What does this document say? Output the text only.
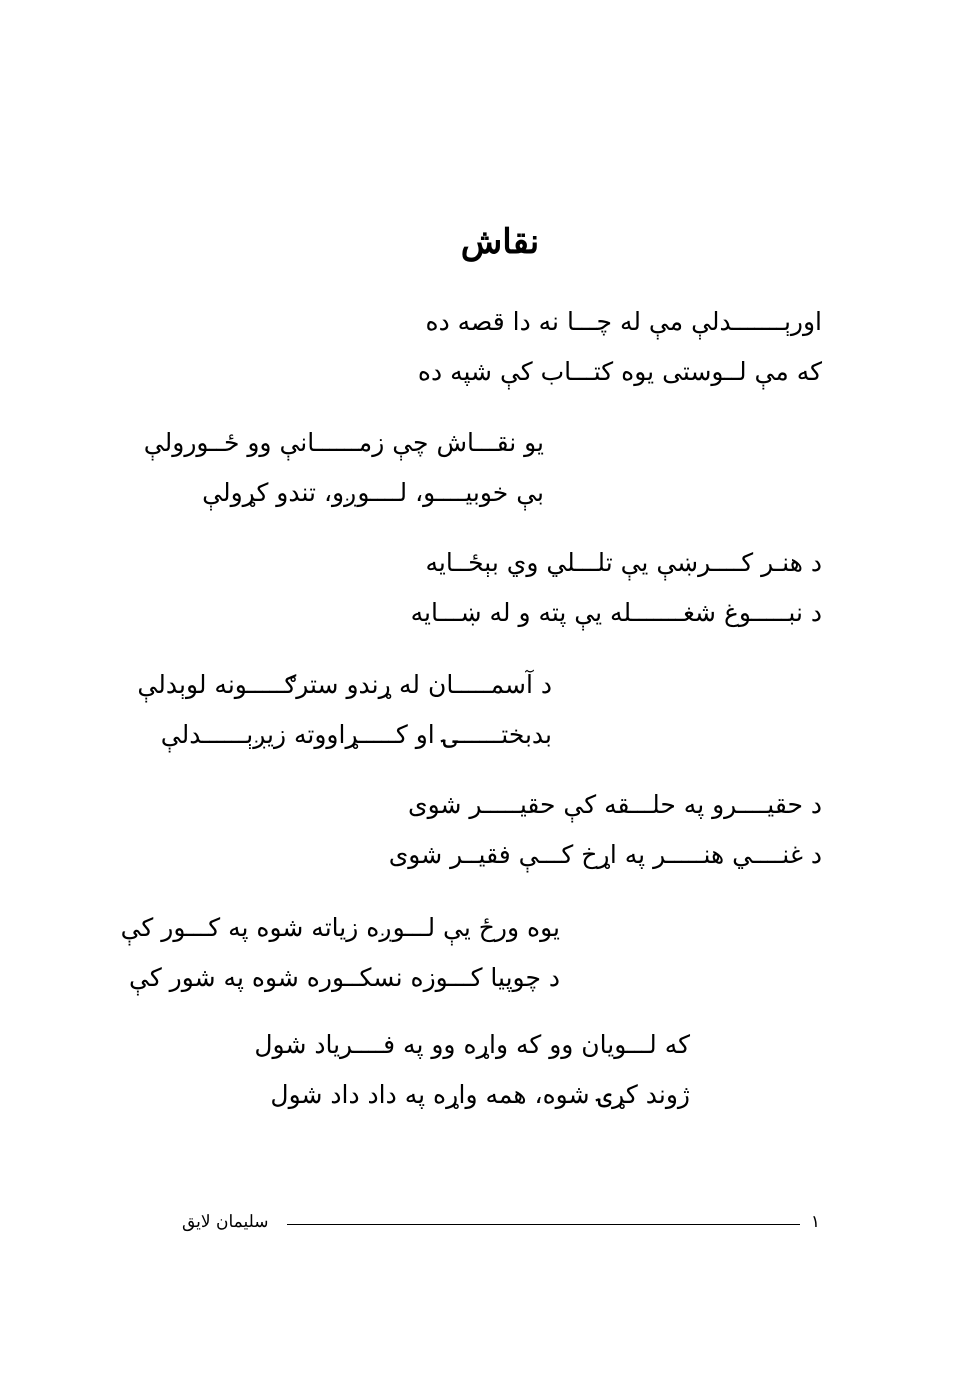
نقاش
اورېـــــــدلې مې له چـــا نه دا قصه ده
که مې لــوستی یوه کتـــاب کې شپه ده
یو نقـــاش چې زمــــــانې وو ځــورولې
بې خوبیــــو، لــــوږو، تندو کړولې
د هنـر کــــرښې يې تلـــلي وي بېځــایه
د نبـــــوغ شغـــــــله يې پته و له ښـــایه
د آسمـــــان له ړندو سترګـــــونه لوېدلې
بدبختــــــۍ او کـــــړاووته زيږېــــــدلې
د حقیــــرو په حلـــقه کې حقیـــــر شوی
د غنــــي هنـــــر په اړخ کـــې فقیــر شوی
یوه ورځ یې لـــوږه زیاته شوه په کـــور کې
د چوپیا کـــوزه نسکــوره شوه په شور کې
که لـــویان وو که واړه وو په فــــریاد شول
ژوند کړۍ شوه، همه واړه په داد داد شول
۱
سلیمان لایق
